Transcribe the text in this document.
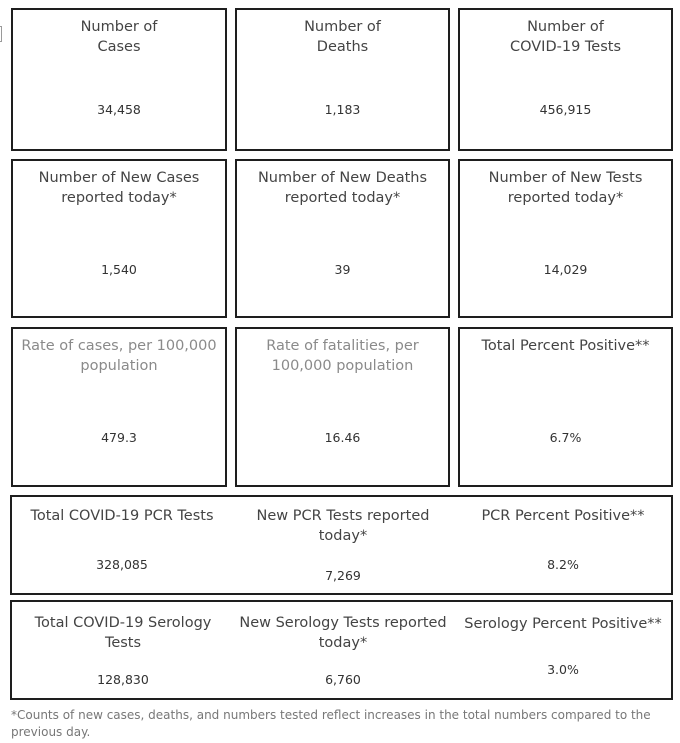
Number of
Cases
34,458
Number of
Deaths
1,183
Number of
COVID-19 Tests
456,915
Number of New Cases
reported today*
1,540
Number of New Deaths
reported today*
39
Number of New Tests
reported today*
14,029
Rate of cases, per 100,000
population
479.3
Rate of fatalities, per
100,000 population
16.46
Total Percent Positive**
6.7%
Total COVID-19 PCR Tests
328,085
New PCR Tests reported
today*
7,269
PCR Percent Positive**
8.2%
Total COVID-19 Serology
Tests
128,830
New Serology Tests reported
today*
6,760
Serology Percent Positive**
3.0%
*Counts of new cases, deaths, and numbers tested reflect increases in the total numbers compared to the previous day.
